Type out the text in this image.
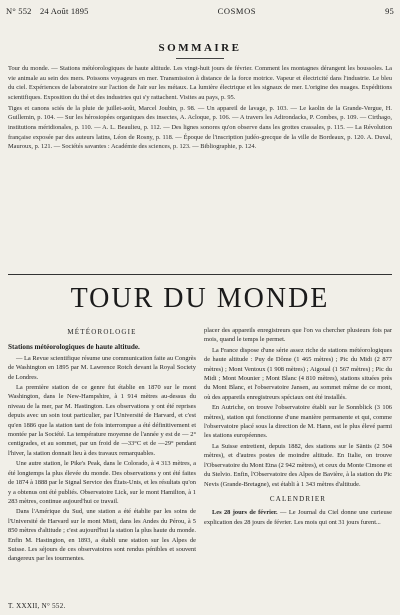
N° 552 24 Août 1895	COSMOS	95
SOMMAIRE

Tour du monde. — Stations météorologiques de haute altitude. Les vingt-huit jours de février. Comment les montagnes dérangent les boussoles. La vie animale au sein des mers. Poissons voyageurs en mer. Transmission à distance de la force motrice. Vapeur et électricité dans l'industrie. Le bleu du ciel. Expériences de laboratoire sur l'action de l'air sur les métaux. La lumière électrique et les signaux de mer. L'origine des nuages. Expéditions scientifiques. Exposition du thé et des industries qui s'y rattachent. Visites au pays, p. 95.

Tiges et canons sciés de la pluie de juillet-août, Marcel Joubin, p. 98. — Un appareil de lavage, p. 103. — Le kaolin de la Grande-Vergue, H. Guillemin, p. 104. — Sur les hérosiopées organiques des insectes, A. Acloque, p. 106. — A travers les Adirondacks, P. Combes, p. 109. — Cirthago, institutions méridionales, p. 110. — A. L. Beaulieu, p. 112. — Des lignes sonores qu'on observe dans les grottes crassales, p. 115. — La Révolution française exposée par des auteurs latins, Léon de Rosny, p. 118. — Époque de l'inscription judéo-grecque de la ville de Bordeaux, p. 120. A. Duval, Mauroux, p. 121. — Sociétés savantes : Académie des sciences, p. 123. — Bibliographie, p. 124.

TOUR DU MONDE
MÉTÉOROLOGIE

Stations météorologiques de haute altitude.

— La Revue scientifique résume une communication faite au Congrès de Washington en 1895 par M. Lawrence Rotch devant la Royal Society de Londres.

La première station de ce genre fut établie en 1870 sur le mont Washington, dans le New-Hampshire, à 1 914 mètres au-dessus du niveau de la mer, par M. Hastington. Les observations y ont été reprises depuis avec un soin tout particulier, par l'Université de Harvard, et c'est qu'en 1886 que la station tant de fois interrompue a été définitivement et montée par la Société. La température moyenne de l'année y est de — 2° centigrades, et au sommet, par un froid de —33°C et de —29° pendant l'hiver, la station donnait lieu à des travaux remarquables.

Une autre station, le Pike's Peak, dans le Colorado, à 4 313 mètres, a été longtemps la plus élevée du monde. Des observations y ont été faites de 1874 à 1888 par le Signal Service des États-Unis, et les résultats qu'on y a obtenus ont été publiés. Observatoire Lick, sur le mont Hamilton, à 1 283 mètres, continue aujourd'hui ce travail.

Dans l'Amérique du Sud, une station a été établie par les soins de l'Université de Harvard sur le mont Misti, dans les Andes du Pérou, à 5 850 mètres d'altitude ; c'est aujourd'hui la station la plus haute du monde. Enfin M. Hastington, en 1893, a établi une station sur les Alpes de Suisse. Les séjours de ces observatoires sont rendus pénibles et souvent dangereux par les tourmentes.

placer des appareils enregistreurs que l'on va chercher plusieurs fois par mois, quand le temps le permet.

La France dispose d'une série assez riche de stations météorologiques de haute altitude : Puy de Dôme (1 465 mètres) ; Pic du Midi (2 877 mètres) ; Mont Ventoux (1 908 mètres) ; Aigoual (1 567 mètres) ; Pic du Midi ; Mont Mounier ; Mont Blanc (4 810 mètres), stations situées près du Mont Blanc, et l'observatoire Jansen, au sommet même de ce mont, où des appareils enregistreurs spéciaux ont été installés.

En Autriche, on trouve l'observatoire établi sur le Sonnblick (3 106 mètres), station qui fonctionne d'une manière permanente et qui, comme l'observatoire placé sous la direction de M. Hann, est le plus élevé parmi les stations européennes.

La Suisse entretient, depuis 1882, des stations sur le Säntis (2 504 mètres), et d'autres postes de moindre altitude. En Italie, on trouve l'Observatoire du Mont Etna (2 942 mètres), et ceux du Monte Cimone et du Stelvio. Enfin, l'Observatoire des Alpes de Bavière, à la station du Pic Nevis (Grande-Bretagne), est établi à 1 343 mètres d'altitude.

CALENDRIER

Les 28 jours de février. — Le Journal du Ciel donne une curieuse explication des 28 jours de février. Les mois qui ont 31 jours furent...

T. XXXII, N° 552.
